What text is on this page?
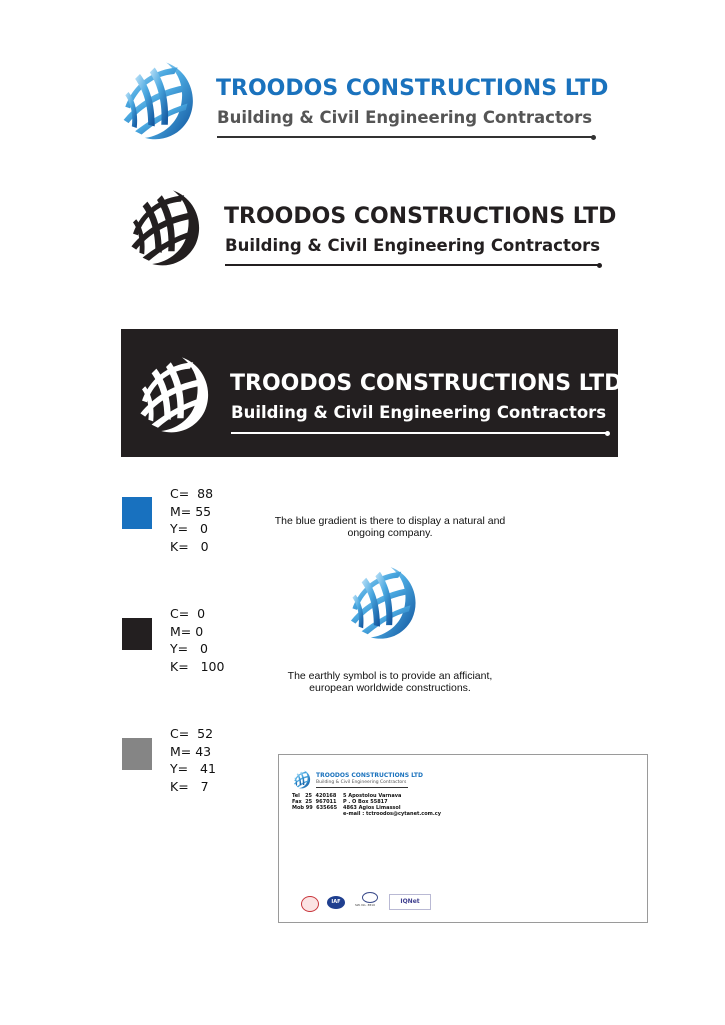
TROODOS CONSTRUCTIONS LTD
Building & Civil Engineering Contractors
TROODOS CONSTRUCTIONS LTD
Building & Civil Engineering Contractors
TROODOS CONSTRUCTIONS LTD
Building & Civil Engineering Contractors
C=  88
M= 55
Y=   0
K=   0
C=  0
M= 0
Y=   0
K=   100
C=  52
M= 43
Y=   41
K=   7
The blue gradient is there to display a natural and
ongoing company.
The earthly symbol is to provide an afficiant,
european worldwide constructions.
TROODOS CONSTRUCTIONS LTD
Building & Civil Engineering Contractors
Tel   25  420168
Fax  25  967011
Mob 99  635665
5 Apostolou Varnava
P . O Box 55817
4863 Agios Limassol
e-mail : tctroodos@cytanet.com.cy
IAF	SW. No. 3810	IQNet
